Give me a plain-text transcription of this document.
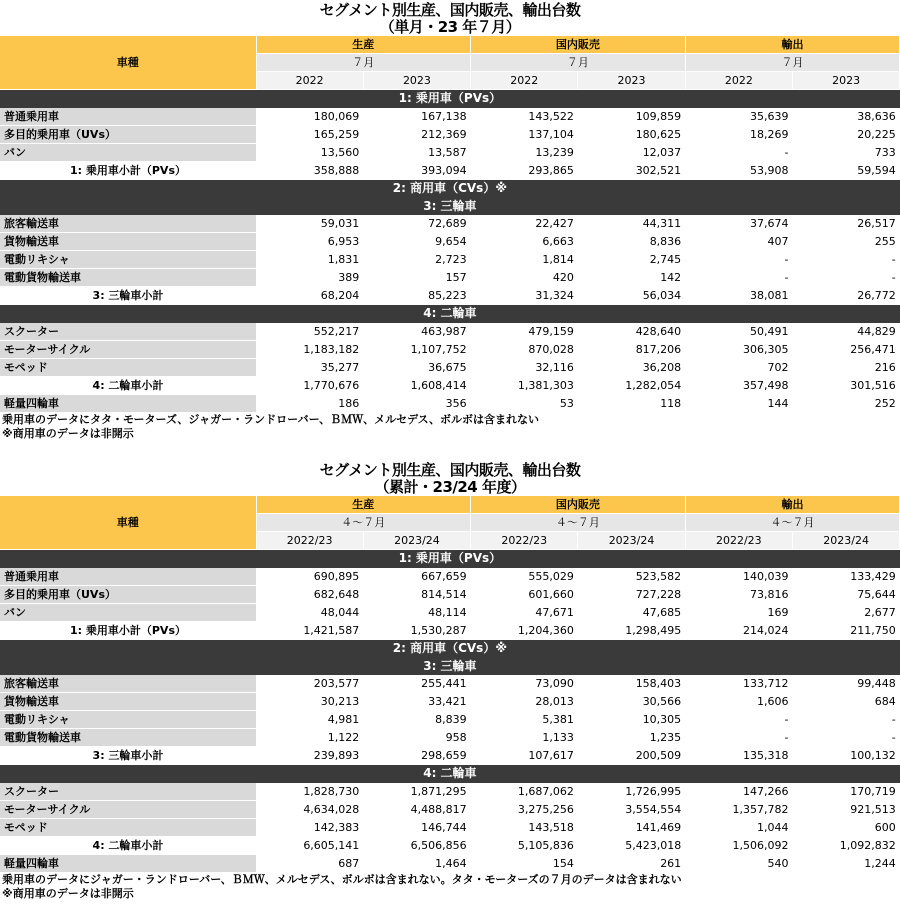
セグメント別生産、国内販売、輸出台数
（単月・23 年７月）
車種	生産		国内販売		輸出	
	７月		７月		７月	
	2022	2023	2022	2023	2022	2023
1: 乗用車（PVs）						
普通乗用車	180,069	167,138	143,522	109,859	35,639	38,636
多目的乗用車（UVs）	165,259	212,369	137,104	180,625	18,269	20,225
バン	13,560	13,587	13,239	12,037	-	733
1: 乗用車小計（PVs）	358,888	393,094	293,865	302,521	53,908	59,594
2: 商用車（CVs）※						
3: 三輪車						
旅客輸送車	59,031	72,689	22,427	44,311	37,674	26,517
貨物輸送車	6,953	9,654	6,663	8,836	407	255
電動リキシャ	1,831	2,723	1,814	2,745	-	-
電動貨物輸送車	389	157	420	142	-	-
3: 三輪車小計	68,204	85,223	31,324	56,034	38,081	26,772
4: 二輪車						
スクーター	552,217	463,987	479,159	428,640	50,491	44,829
モーターサイクル	1,183,182	1,107,752	870,028	817,206	306,305	256,471
モペッド	35,277	36,675	32,116	36,208	702	216
4: 二輪車小計	1,770,676	1,608,414	1,381,303	1,282,054	357,498	301,516
軽量四輪車	186	356	53	118	144	252
乗用車のデータにタタ・モーターズ、ジャガー・ランドローバー、ＢＭＷ、メルセデス、ボルボは含まれない
※商用車のデータは非開示
セグメント別生産、国内販売、輸出台数
（累計・23/24 年度）
車種	生産		国内販売		輸出	
	４～７月		４～７月		４～７月	
	2022/23	2023/24	2022/23	2023/24	2022/23	2023/24
1: 乗用車（PVs）						
普通乗用車	690,895	667,659	555,029	523,582	140,039	133,429
多目的乗用車（UVs）	682,648	814,514	601,660	727,228	73,816	75,644
バン	48,044	48,114	47,671	47,685	169	2,677
1: 乗用車小計（PVs）	1,421,587	1,530,287	1,204,360	1,298,495	214,024	211,750
2: 商用車（CVs）※						
3: 三輪車						
旅客輸送車	203,577	255,441	73,090	158,403	133,712	99,448
貨物輸送車	30,213	33,421	28,013	30,566	1,606	684
電動リキシャ	4,981	8,839	5,381	10,305	-	-
電動貨物輸送車	1,122	958	1,133	1,235	-	-
3: 三輪車小計	239,893	298,659	107,617	200,509	135,318	100,132
4: 二輪車						
スクーター	1,828,730	1,871,295	1,687,062	1,726,995	147,266	170,719
モーターサイクル	4,634,028	4,488,817	3,275,256	3,554,554	1,357,782	921,513
モペッド	142,383	146,744	143,518	141,469	1,044	600
4: 二輪車小計	6,605,141	6,506,856	5,105,836	5,423,018	1,506,092	1,092,832
軽量四輪車	687	1,464	154	261	540	1,244
乗用車のデータにジャガー・ランドローバー、ＢＭＷ、メルセデス、ボルボは含まれない。タタ・モーターズの７月のデータは含まれない
※商用車のデータは非開示
